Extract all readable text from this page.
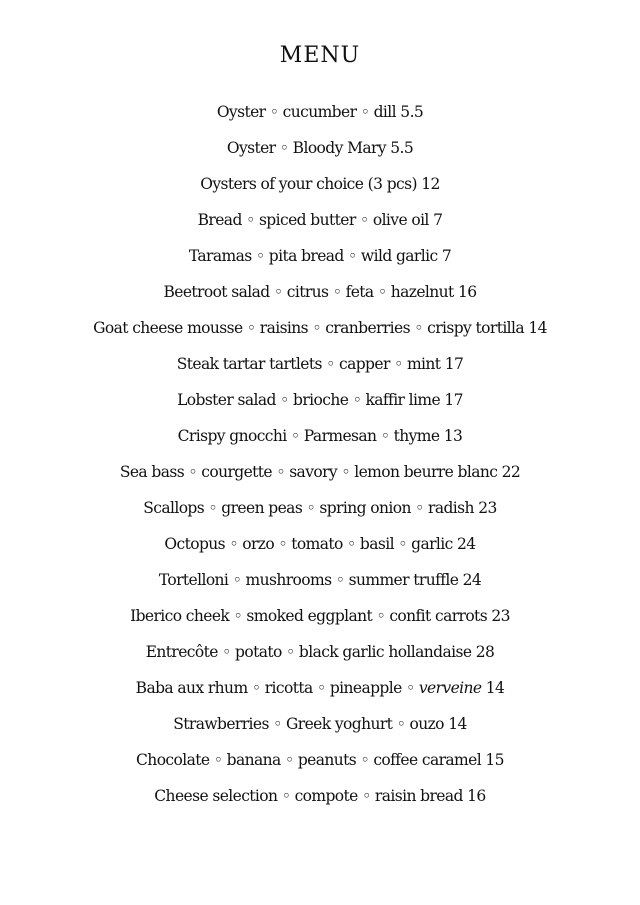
MENU
Oyster ◦ cucumber ◦ dill 5.5
Oyster ◦ Bloody Mary 5.5
Oysters of your choice (3 pcs) 12
Bread ◦ spiced butter ◦ olive oil 7
Taramas ◦ pita bread ◦ wild garlic 7
Beetroot salad ◦ citrus ◦ feta ◦ hazelnut 16
Goat cheese mousse ◦ raisins ◦ cranberries ◦ crispy tortilla 14
Steak tartar tartlets ◦ capper ◦ mint 17
Lobster salad ◦ brioche ◦ kaffir lime 17
Crispy gnocchi ◦ Parmesan ◦ thyme 13
Sea bass ◦ courgette ◦ savory ◦ lemon beurre blanc 22
Scallops ◦ green peas ◦ spring onion ◦ radish 23
Octopus ◦ orzo ◦ tomato ◦ basil ◦ garlic 24
Tortelloni ◦ mushrooms ◦ summer truffle 24
Iberico cheek ◦ smoked eggplant ◦ confit carrots 23
Entrecôte ◦ potato ◦ black garlic hollandaise 28
Baba aux rhum ◦ ricotta ◦ pineapple ◦ verveine 14
Strawberries ◦ Greek yoghurt ◦ ouzo 14
Chocolate ◦ banana ◦ peanuts ◦ coffee caramel 15
Cheese selection ◦ compote ◦ raisin bread 16
